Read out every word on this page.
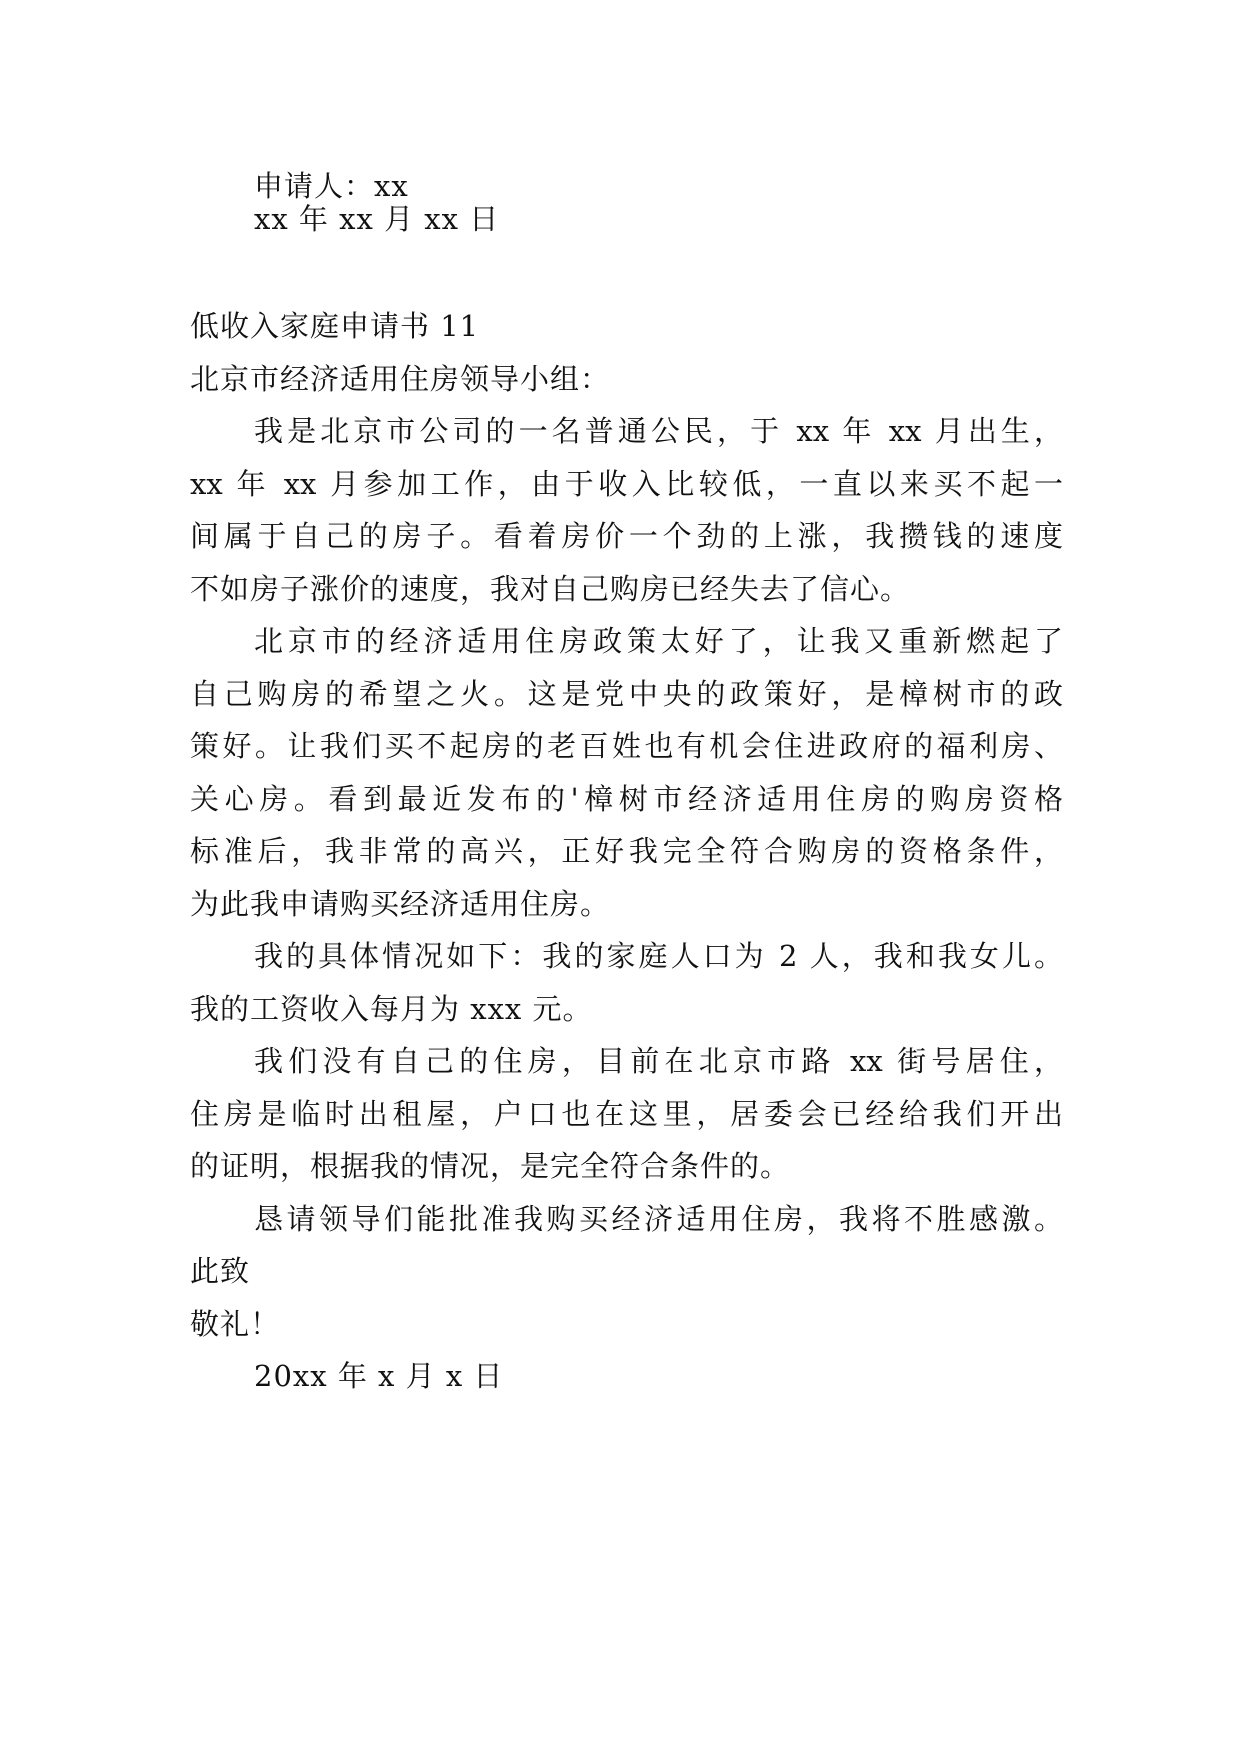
申请人：xx
xx 年 xx 月 xx 日
低收入家庭申请书 11
北京市经济适用住房领导小组：
我是北京市公司的一名普通公民，于 xx 年 xx 月出生，
xx 年 xx 月参加工作，由于收入比较低，一直以来买不起一
间属于自己的房子。看着房价一个劲的上涨，我攒钱的速度
不如房子涨价的速度，我对自己购房已经失去了信心。
北京市的经济适用住房政策太好了，让我又重新燃起了
自己购房的希望之火。这是党中央的政策好，是樟树市的政
策好。让我们买不起房的老百姓也有机会住进政府的福利房、
关心房。看到最近发布的'樟树市经济适用住房的购房资格
标准后，我非常的高兴，正好我完全符合购房的资格条件，
为此我申请购买经济适用住房。
我的具体情况如下：我的家庭人口为 2 人，我和我女儿。
我的工资收入每月为 xxx 元。
我们没有自己的住房，目前在北京市路 xx 街号居住，
住房是临时出租屋，户口也在这里，居委会已经给我们开出
的证明，根据我的情况，是完全符合条件的。
恳请领导们能批准我购买经济适用住房，我将不胜感激。
此致
敬礼！
20xx 年 x 月 x 日
